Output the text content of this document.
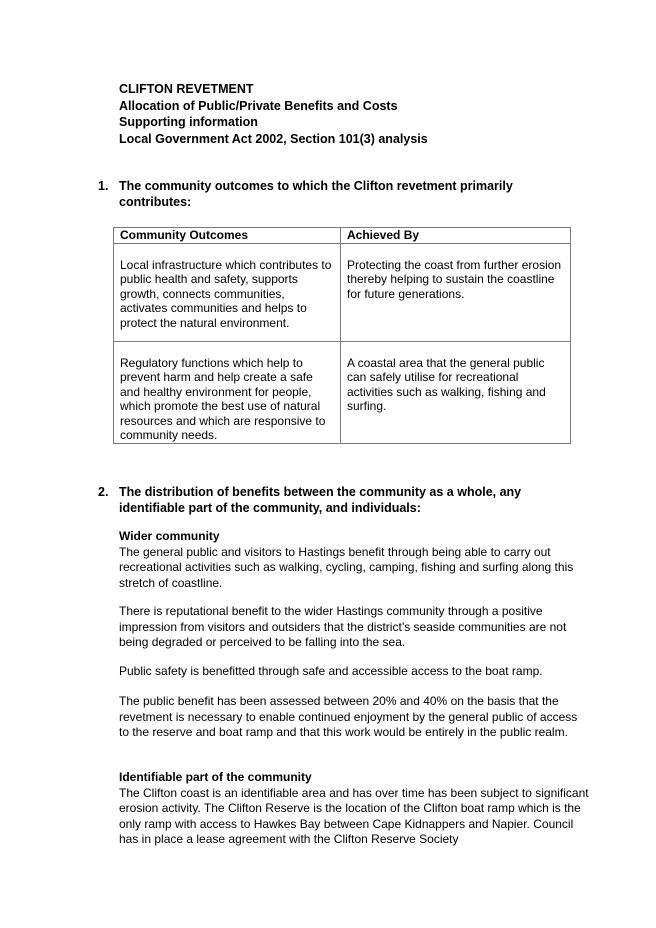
CLIFTON REVETMENT
Allocation of Public/Private Benefits and Costs
Supporting information
Local Government Act 2002, Section 101(3) analysis
1. The community outcomes to which the Clifton revetment primarily contributes:
Community Outcomes	Achieved By
Local infrastructure which contributes to public health and safety, supports growth, connects communities, activates communities and helps to protect the natural environment.	Protecting the coast from further erosion thereby helping to sustain the coastline for future generations.
Regulatory functions which help to prevent harm and help create a safe and healthy environment for people, which promote the best use of natural resources and which are responsive to community needs.	A coastal area that the general public can safely utilise for recreational activities such as walking, fishing and surfing.
2. The distribution of benefits between the community as a whole, any identifiable part of the community, and individuals:

Wider community

The general public and visitors to Hastings benefit through being able to carry out recreational activities such as walking, cycling, camping, fishing and surfing along this stretch of coastline.

There is reputational benefit to the wider Hastings community through a positive impression from visitors and outsiders that the district’s seaside communities are not being degraded or perceived to be falling into the sea.

Public safety is benefitted through safe and accessible access to the boat ramp.

The public benefit has been assessed between 20% and 40% on the basis that the revetment is necessary to enable continued enjoyment by the general public of access to the reserve and boat ramp and that this work would be entirely in the public realm.

Identifiable part of the community

The Clifton coast is an identifiable area and has over time has been subject to significant erosion activity. The Clifton Reserve is the location of the Clifton boat ramp which is the only ramp with access to Hawkes Bay between Cape Kidnappers and Napier. Council has in place a lease agreement with the Clifton Reserve Society
